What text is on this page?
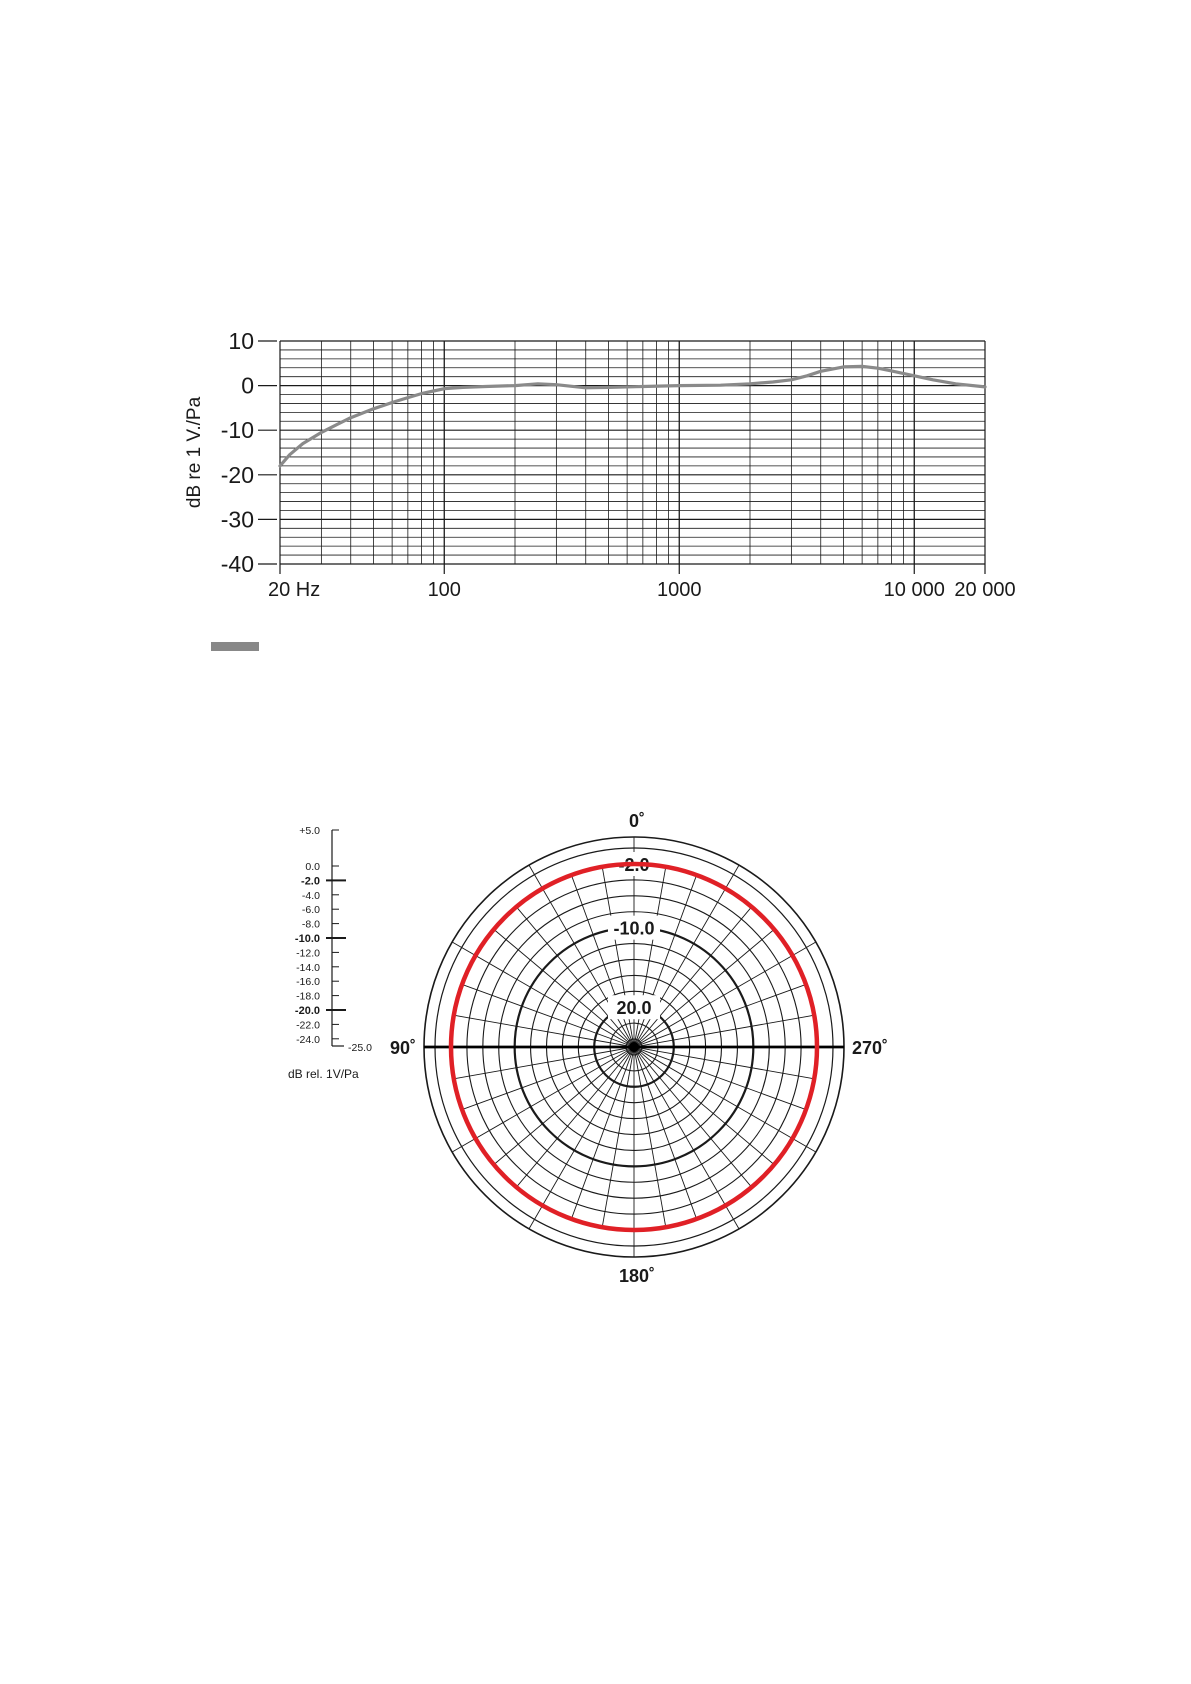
10
0
-10
-20
-30
-40
20 Hz	100	1000	10 000 20 000
dB re 1 V./Pa
-2.0
-10.0
20.0
0˚
90˚
180˚
270˚
+5.0
0.0
-2.0
-4.0
-6.0
-8.0
-10.0
-12.0
-14.0
-16.0
-18.0
-20.0
-22.0
-24.0
-25.0
dB rel. 1V/Pa
